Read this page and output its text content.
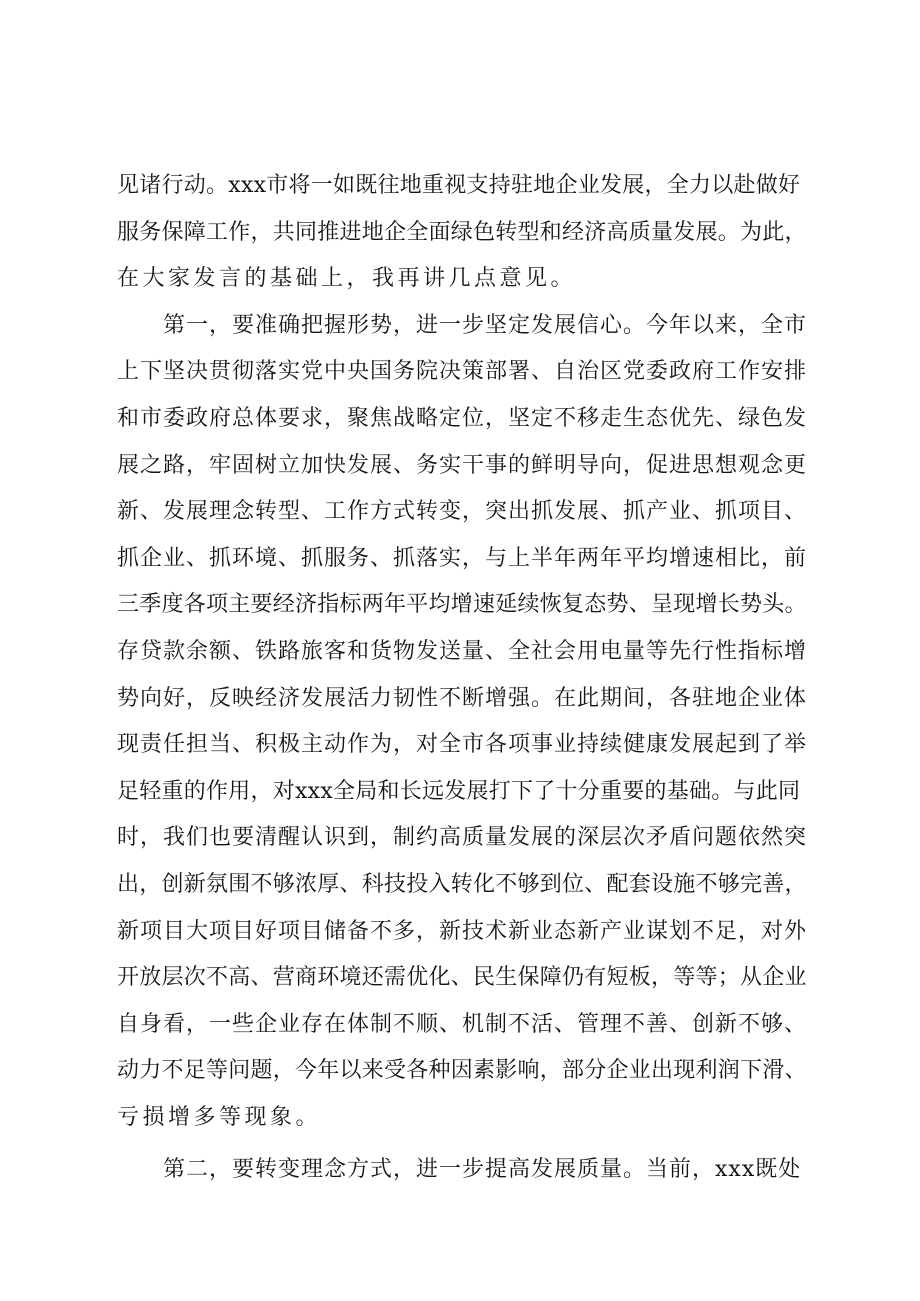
见诸行动。xxx市将一如既往地重视支持驻地企业发展，全力以赴做好
服务保障工作，共同推进地企全面绿色转型和经济高质量发展。为此，
在大家发言的基础上，我再讲几点意见。
　　第一，要准确把握形势，进一步坚定发展信心。今年以来，全市
上下坚决贯彻落实党中央国务院决策部署、自治区党委政府工作安排
和市委政府总体要求，聚焦战略定位，坚定不移走生态优先、绿色发
展之路，牢固树立加快发展、务实干事的鲜明导向，促进思想观念更
新、发展理念转型、工作方式转变，突出抓发展、抓产业、抓项目、
抓企业、抓环境、抓服务、抓落实，与上半年两年平均增速相比，前
三季度各项主要经济指标两年平均增速延续恢复态势、呈现增长势头。
存贷款余额、铁路旅客和货物发送量、全社会用电量等先行性指标增
势向好，反映经济发展活力韧性不断增强。在此期间，各驻地企业体
现责任担当、积极主动作为，对全市各项事业持续健康发展起到了举
足轻重的作用，对xxx全局和长远发展打下了十分重要的基础。与此同
时，我们也要清醒认识到，制约高质量发展的深层次矛盾问题依然突
出，创新氛围不够浓厚、科技投入转化不够到位、配套设施不够完善，
新项目大项目好项目储备不多，新技术新业态新产业谋划不足，对外
开放层次不高、营商环境还需优化、民生保障仍有短板，等等；从企业
自身看，一些企业存在体制不顺、机制不活、管理不善、创新不够、
动力不足等问题，今年以来受各种因素影响，部分企业出现利润下滑、
亏损增多等现象。
　　第二，要转变理念方式，进一步提高发展质量。当前，xxx既处
